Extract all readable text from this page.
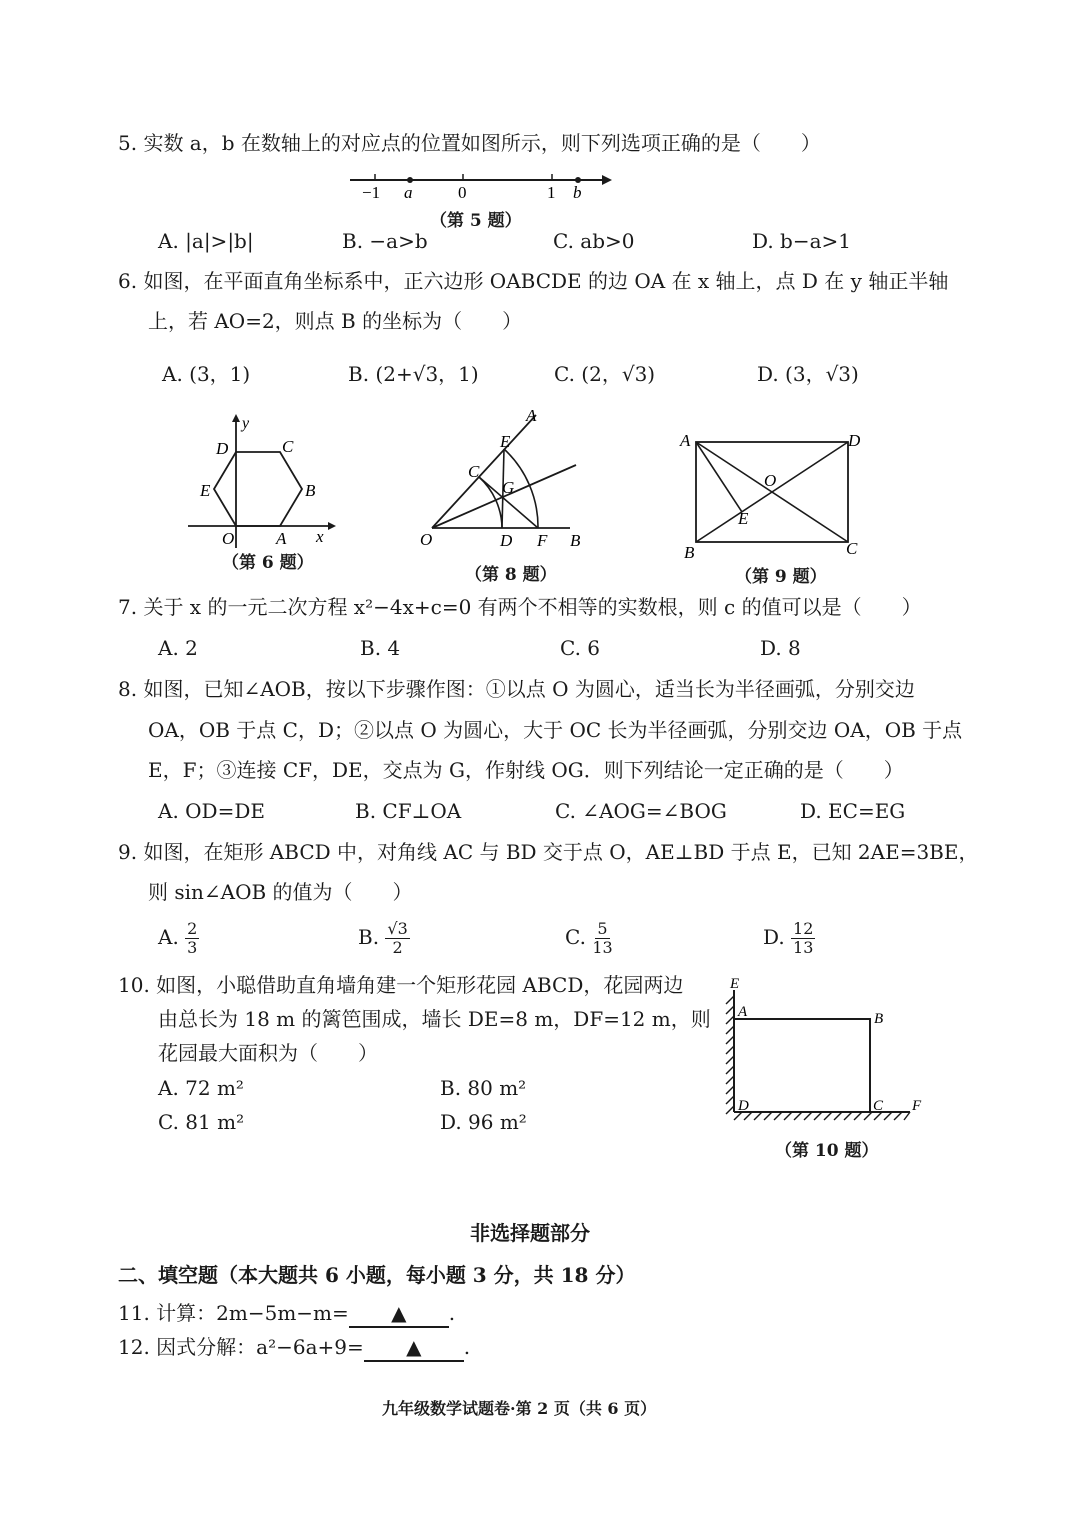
5. 实数 a，b 在数轴上的对应点的位置如图所示，则下列选项正确的是（　　）
−1 a	0	1 b
（第 5 题）
A. |a|>|b|	B. −a>b	C. ab>0	D. b−a>1
6. 如图，在平面直角坐标系中，正六边形 OABCDE 的边 OA 在 x 轴上，点 D 在 y 轴正半轴
上，若 AO=2，则点 B 的坐标为（　　）
A. (3，1)	B. (2+√3，1)	C. (2，√3)	D. (3，√3)
y
D	C
E	B
O A x
（第 6 题）
A
E
C
G
O	D F B
（第 8 题）
A	D
O
E
B	C
（第 9 题）
7. 关于 x 的一元二次方程 x²−4x+c=0 有两个不相等的实数根，则 c 的值可以是（　　）
A. 2	B. 4	C. 6	D. 8
8. 如图，已知∠AOB，按以下步骤作图：①以点 O 为圆心，适当长为半径画弧，分别交边
OA，OB 于点 C，D；②以点 O 为圆心，大于 OC 长为半径画弧，分别交边 OA，OB 于点
E，F；③连接 CF，DE，交点为 G，作射线 OG．则下列结论一定正确的是（　　）
A. OD=DE	B. CF⊥OA	C. ∠AOG=∠BOG	D. EC=EG
9. 如图，在矩形 ABCD 中，对角线 AC 与 BD 交于点 O，AE⊥BD 于点 E，已知 2AE=3BE，
则 sin∠AOB 的值为（　　）
A. $\frac{2}{3}$	B. $\frac{√3}{2}$	C. $\frac{5}{13}$	D. $\frac{12}{13}$
10. 如图，小聪借助直角墙角建一个矩形花园 ABCD，花园两边
由总长为 18 m 的篱笆围成，墙长 DE=8 m，DF=12 m，则
花园最大面积为（　　）
A. 72 m²	B. 80 m²
C. 81 m²	D. 96 m²
E
A	B
D	C F
（第 10 题）
非选择题部分
二、填空题（本大题共 6 小题，每小题 3 分，共 18 分）
11. 计算：2m−5m−m= ▲ .
12. 因式分解：a²−6a+9= ▲ .
九年级数学试题卷·第 2 页（共 6 页）
